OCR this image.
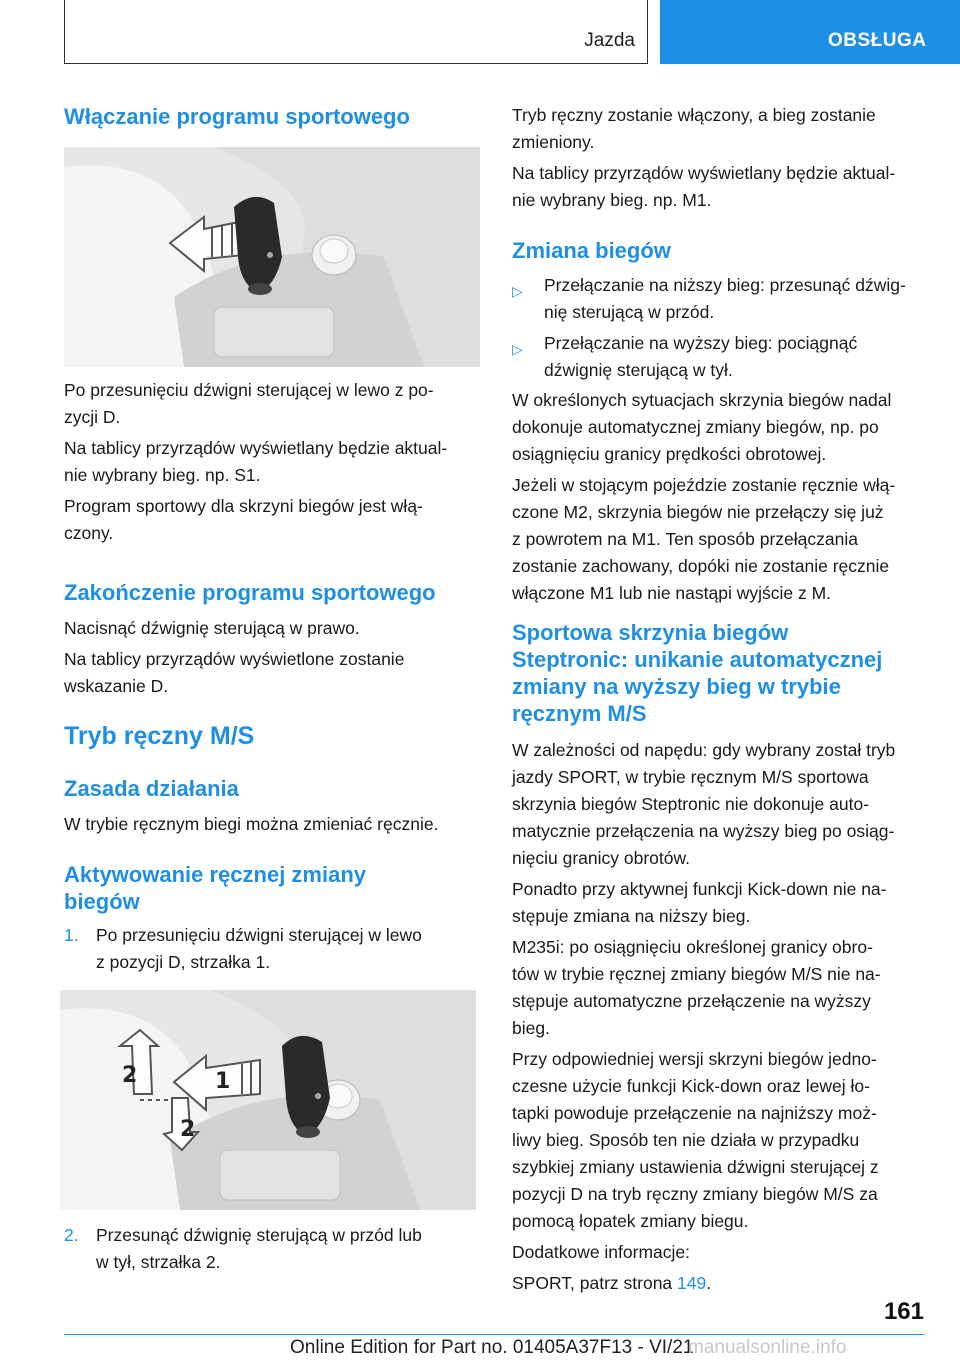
Jazda	OBSŁUGA
Włączanie programu sportowego

Po przesunięciu dźwigni sterującej w lewo z po-

zycji D.

Na tablicy przyrządów wyświetlany będzie aktual-

nie wybrany bieg. np. S1.

Program sportowy dla skrzyni biegów jest włą-

czony.

Zakończenie programu sportowego

Nacisnąć dźwignię sterującą w prawo.

Na tablicy przyrządów wyświetlone zostanie

wskazanie D.

Tryb ręczny M/S
Zasada działania

W trybie ręcznym biegi można zmieniać ręcznie.

Aktywowanie ręcznej zmiany
biegów
1. Po przesunięciu dźwigni sterującej w lewo
z pozycji D, strzałka 1.
2	1
2
2. Przesunąć dźwignię sterującą w przód lub
w tył, strzałka 2.

Tryb ręczny zostanie włączony, a bieg zostanie

zmieniony.

Na tablicy przyrządów wyświetlany będzie aktual-

nie wybrany bieg. np. M1.

Zmiana biegów
▷ Przełączanie na niższy bieg: przesunąć dźwig-
nię sterującą w przód.
▷ Przełączanie na wyższy bieg: pociągnąć
dźwignię sterującą w tył.

W określonych sytuacjach skrzynia biegów nadal

dokonuje automatycznej zmiany biegów, np. po

osiągnięciu granicy prędkości obrotowej.

Jeżeli w stojącym pojeździe zostanie ręcznie włą-

czone M2, skrzynia biegów nie przełączy się już

z powrotem na M1. Ten sposób przełączania

zostanie zachowany, dopóki nie zostanie ręcznie

włączone M1 lub nie nastąpi wyjście z M.

Sportowa skrzynia biegów
Steptronic: unikanie automatycznej
zmiany na wyższy bieg w trybie
ręcznym M/S

W zależności od napędu: gdy wybrany został tryb

jazdy SPORT, w trybie ręcznym M/S sportowa

skrzynia biegów Steptronic nie dokonuje auto-

matycznie przełączenia na wyższy bieg po osiąg-

nięciu granicy obrotów.

Ponadto przy aktywnej funkcji Kick-down nie na-

stępuje zmiana na niższy bieg.

M235i: po osiągnięciu określonej granicy obro-

tów w trybie ręcznej zmiany biegów M/S nie na-

stępuje automatyczne przełączenie na wyższy

bieg.

Przy odpowiedniej wersji skrzyni biegów jedno-

czesne użycie funkcji Kick-down oraz lewej ło-

tapki powoduje przełączenie na najniższy moż-

liwy bieg. Sposób ten nie działa w przypadku

szybkiej zmiany ustawienia dźwigni sterującej z

pozycji D na tryb ręczny zmiany biegów M/S za

pomocą łopatek zmiany biegu.

Dodatkowe informacje:

SPORT, patrz strona 149.

161
Online Edition for Part no. 01405A37F13 - VI/21
manualsonline.info
